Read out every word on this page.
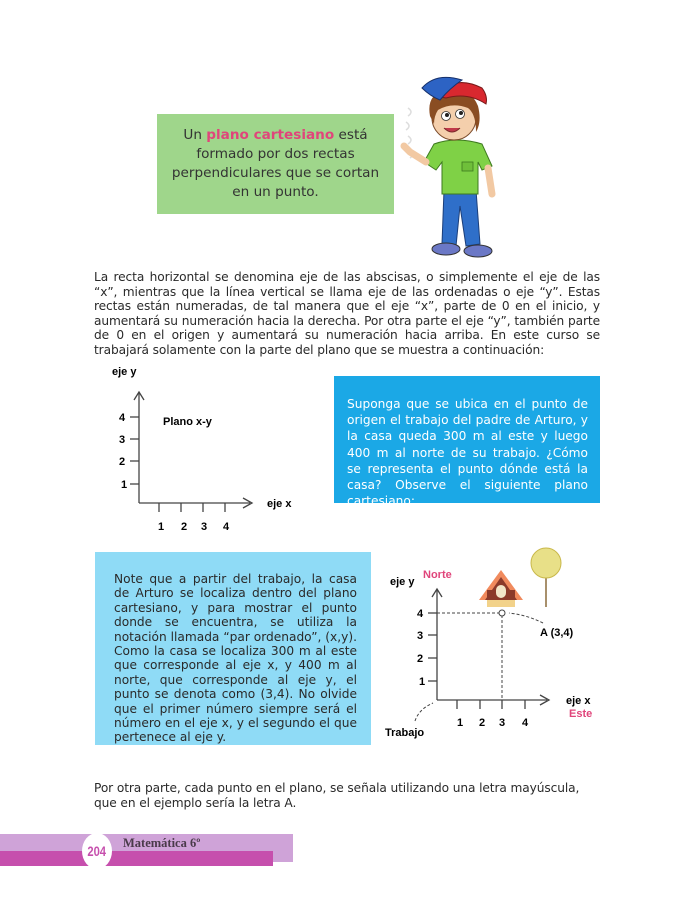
Un plano cartesiano está formado por dos rectas perpendiculares que se cortan en un punto.
La recta horizontal se denomina eje de las abscisas, o simplemente el eje de las “x”, mientras que la línea vertical se llama eje de las ordenadas o eje “y”. Estas rectas están numeradas, de tal manera que el eje “x”, parte de 0 en el inicio, y aumentará su numeración hacia la derecha. Por otra parte el eje “y”, también parte de 0 en el origen y aumentará su numeración hacia arriba. En este curso se trabajará solamente con la parte del plano que se muestra a continuación:
eje y
4
3
2
1
1 2 3 4
Plano x-y
eje x
Suponga que se ubica en el punto de origen el trabajo del padre de Arturo, y la casa queda 300 m al este y luego 400 m al norte de su trabajo. ¿Cómo se representa el punto dónde está la casa? Observe el siguiente plano cartesiano:
Note que a partir del trabajo, la casa de Arturo se localiza dentro del plano cartesiano, y para mostrar el punto donde se encuentra, se utiliza la notación llamada “par ordenado”, (x,y). Como la casa se localiza 300 m al este que corresponde al eje x, y 400 m al norte, que corresponde al eje y, el punto se denota como (3,4). No olvide que el primer número siempre será el número en el eje x, y el segundo el que pertenece al eje y.
eje y
Norte
4
3
2
1
1 2 3 4
A (3,4)
eje x
Este
Trabajo
Por otra parte, cada punto en el plano, se señala utilizando una letra mayúscula, que en el ejemplo sería la letra A.
204 Matemática 6º
